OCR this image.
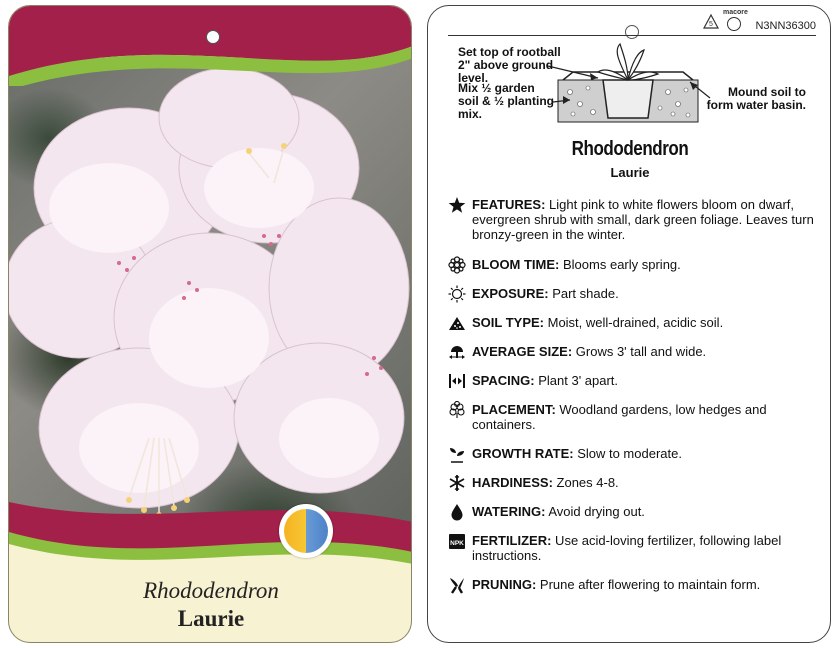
Rhododendron
Laurie
5
macore
N3NN36300
Set top of rootball 2" above ground level.
Mix ½ garden soil & ½ planting mix.
Mound soil to form water basin.
Rhododendron
Laurie
FEATURES: Light pink to white flowers bloom on dwarf, evergreen shrub with small, dark green foliage. Leaves turn bronzy-green in the winter.
BLOOM TIME: Blooms early spring.
EXPOSURE: Part shade.
SOIL TYPE: Moist, well-drained, acidic soil.
AVERAGE SIZE: Grows 3' tall and wide.
SPACING: Plant 3' apart.
PLACEMENT: Woodland gardens, low hedges and containers.
GROWTH RATE: Slow to moderate.
HARDINESS: Zones 4-8.
WATERING: Avoid drying out.
NPK FERTILIZER: Use acid-loving fertilizer, following label instructions.
PRUNING: Prune after flowering to maintain form.
